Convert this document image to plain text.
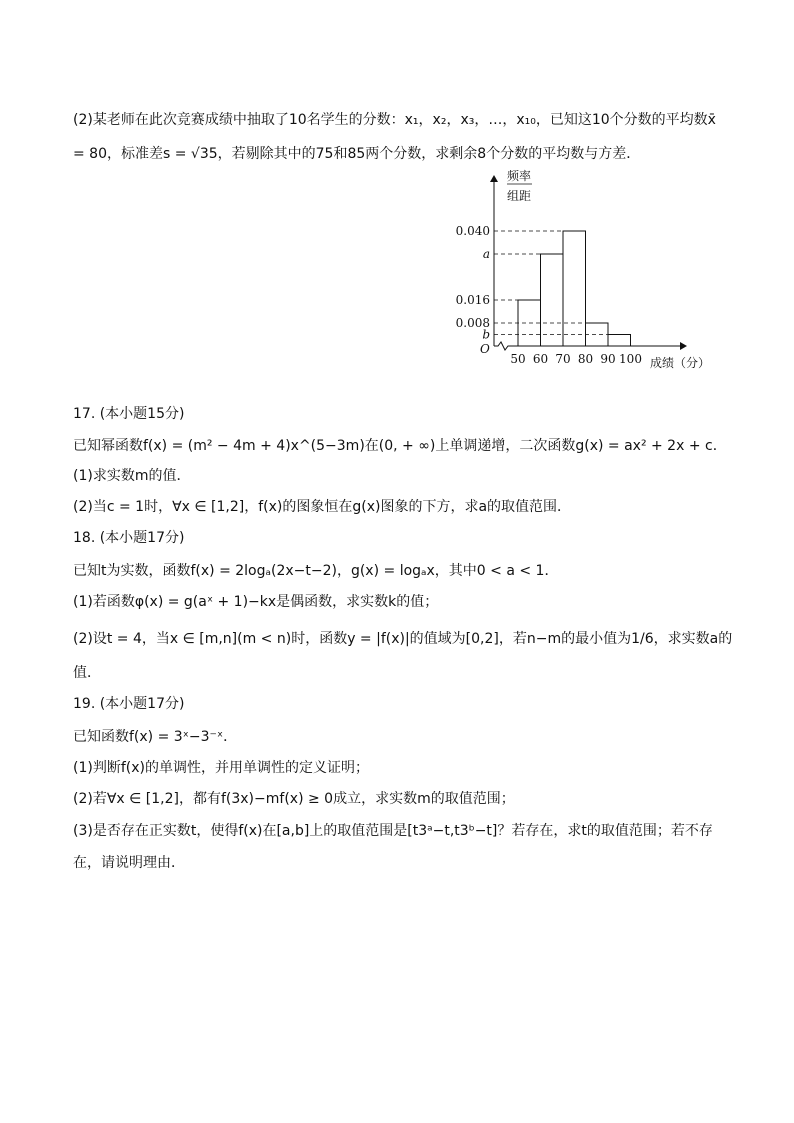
(2)某老师在此次竞赛成绩中抽取了10名学生的分数：x₁，x₂，x₃，…，x₁₀，已知这10个分数的平均数x̄
= 80，标准差s = √35，若剔除其中的75和85两个分数，求剩余8个分数的平均数与方差．
频率
组距
成绩（分）
O
0.040
a
0.016
0.008
b
50 60 70 80 90 100
17. (本小题15分)
已知幂函数f(x) = (m² − 4m + 4)x^(5−3m)在(0, + ∞)上单调递增，二次函数g(x) = ax² + 2x + c．
(1)求实数m的值．
(2)当c = 1时，∀x ∈ [1,2]，f(x)的图象恒在g(x)图象的下方，求a的取值范围．
18. (本小题17分)
已知t为实数，函数f(x) = 2logₐ(2x−t−2)，g(x) = logₐx，其中0 < a < 1．
(1)若函数φ(x) = g(aˣ + 1)−kx是偶函数，求实数k的值；
(2)设t = 4，当x ∈ [m,n](m < n)时，函数y = |f(x)|的值域为[0,2]，若n−m的最小值为1/6，求实数a的
值．
19. (本小题17分)
已知函数f(x) = 3ˣ−3⁻ˣ．
(1)判断f(x)的单调性，并用单调性的定义证明；
(2)若∀x ∈ [1,2]，都有f(3x)−mf(x) ≥ 0成立，求实数m的取值范围；
(3)是否存在正实数t，使得f(x)在[a,b]上的取值范围是[t3ᵃ−t,t3ᵇ−t]？若存在，求t的取值范围；若不存
在，请说明理由．
